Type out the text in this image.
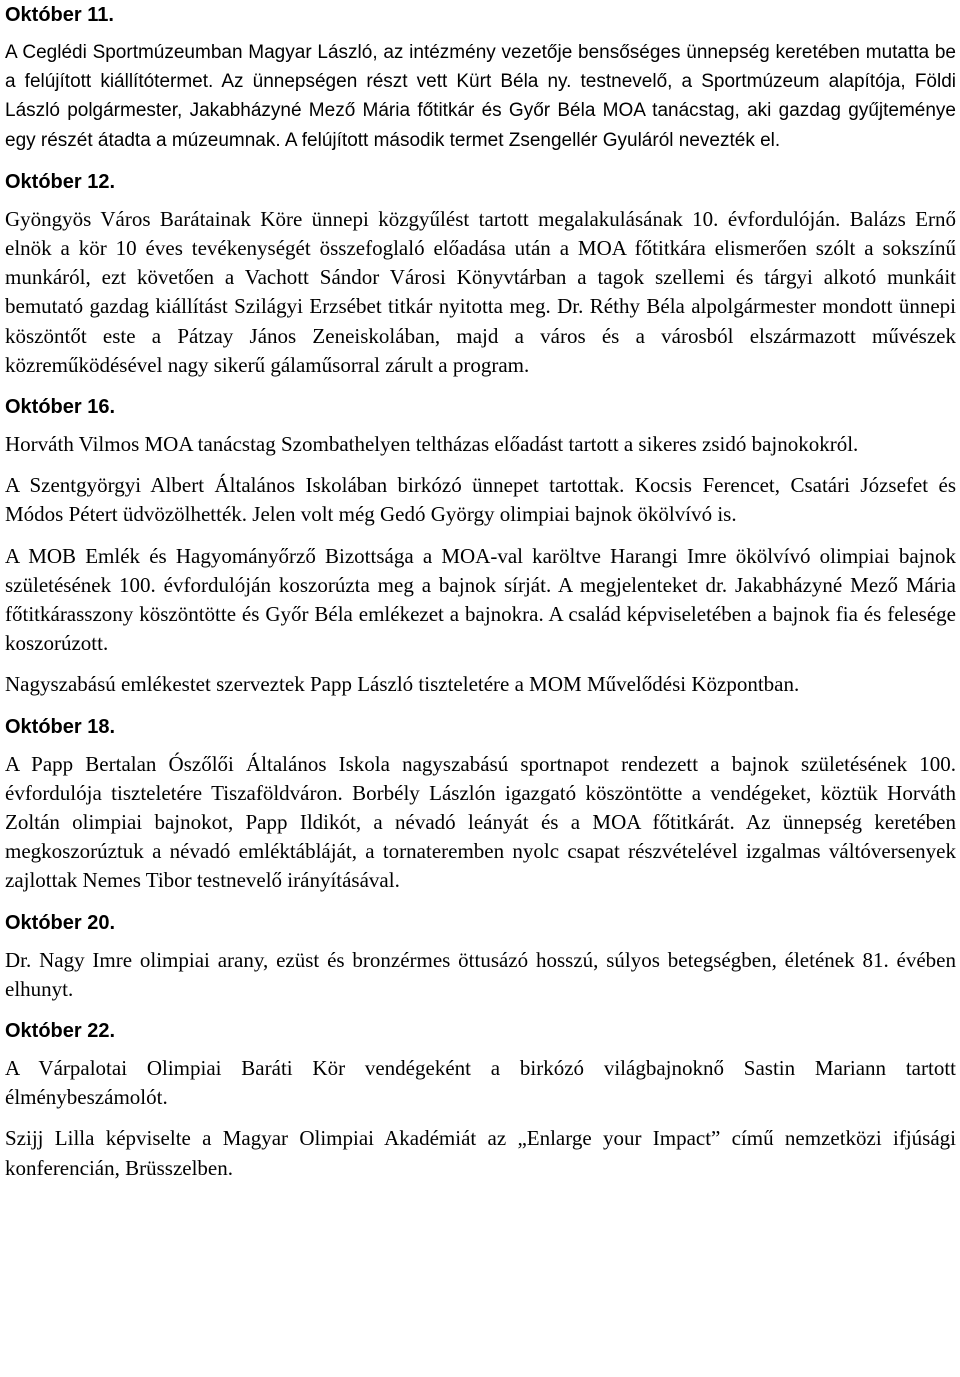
Október 11.

A Ceglédi Sportmúzeumban Magyar László, az intézmény vezetője bensőséges ünnepség keretében mutatta be a felújított kiállítótermet. Az ünnepségen részt vett Kürt Béla ny. testnevelő, a Sportmúzeum alapítója, Földi László polgármester, Jakabházyné Mező Mária főtitkár és Győr Béla MOA tanácstag, aki gazdag gyűjteménye egy részét átadta a múzeumnak. A felújított második termet Zsengellér Gyuláról nevezték el.

Október 12.

Gyöngyös Város Barátainak Köre ünnepi közgyűlést tartott megalakulásának 10. évfordulóján. Balázs Ernő elnök a kör 10 éves tevékenységét összefoglaló előadása után a MOA főtitkára elismerően szólt a sokszínű munkáról, ezt követően a Vachott Sándor Városi Könyvtárban a tagok szellemi és tárgyi alkotó munkáit bemutató gazdag kiállítást Szilágyi Erzsébet titkár nyitotta meg. Dr. Réthy Béla alpolgármester mondott ünnepi köszöntőt este a Pátzay János Zeneiskolában, majd a város és a városból elszármazott művészek közreműködésével nagy sikerű gálaműsorral zárult a program.

Október 16.

Horváth Vilmos MOA tanácstag Szombathelyen teltházas előadást tartott a sikeres zsidó bajnokokról.

A Szentgyörgyi Albert Általános Iskolában birkózó ünnepet tartottak. Kocsis Ferencet, Csatári Józsefet és Módos Pétert üdvözölhették. Jelen volt még Gedó György olimpiai bajnok ökölvívó is.

A MOB Emlék és Hagyományőrző Bizottsága a MOA-val karöltve Harangi Imre ökölvívó olimpiai bajnok születésének 100. évfordulóján koszorúzta meg a bajnok sírját. A megjelenteket dr. Jakabházyné Mező Mária főtitkárasszony köszöntötte és Győr Béla emlékezet a bajnokra. A család képviseletében a bajnok fia és felesége koszorúzott.

Nagyszabású emlékestet szerveztek Papp László tiszteletére a MOM Művelődési Központban.

Október 18.

A Papp Bertalan Ószőlői Általános Iskola nagyszabású sportnapot rendezett a bajnok születésének 100. évfordulója tiszteletére Tiszaföldváron. Borbély Lászlón igazgató köszöntötte a vendégeket, köztük Horváth Zoltán olimpiai bajnokot, Papp Ildikót, a névadó leányát és a MOA főtitkárát. Az ünnepség keretében megkoszorúztuk a névadó emléktábláját, a tornateremben nyolc csapat részvételével izgalmas váltóversenyek zajlottak Nemes Tibor testnevelő irányításával.

Október 20.

Dr. Nagy Imre olimpiai arany, ezüst és bronzérmes öttusázó hosszú, súlyos betegségben, életének 81. évében elhunyt.

Október 22.

A Várpalotai Olimpiai Baráti Kör vendégeként a birkózó világbajnoknő Sastin Mariann tartott élménybeszámolót.

Szijj Lilla képviselte a Magyar Olimpiai Akadémiát az „Enlarge your Impact” című nemzetközi ifjúsági konferencián, Brüsszelben.
